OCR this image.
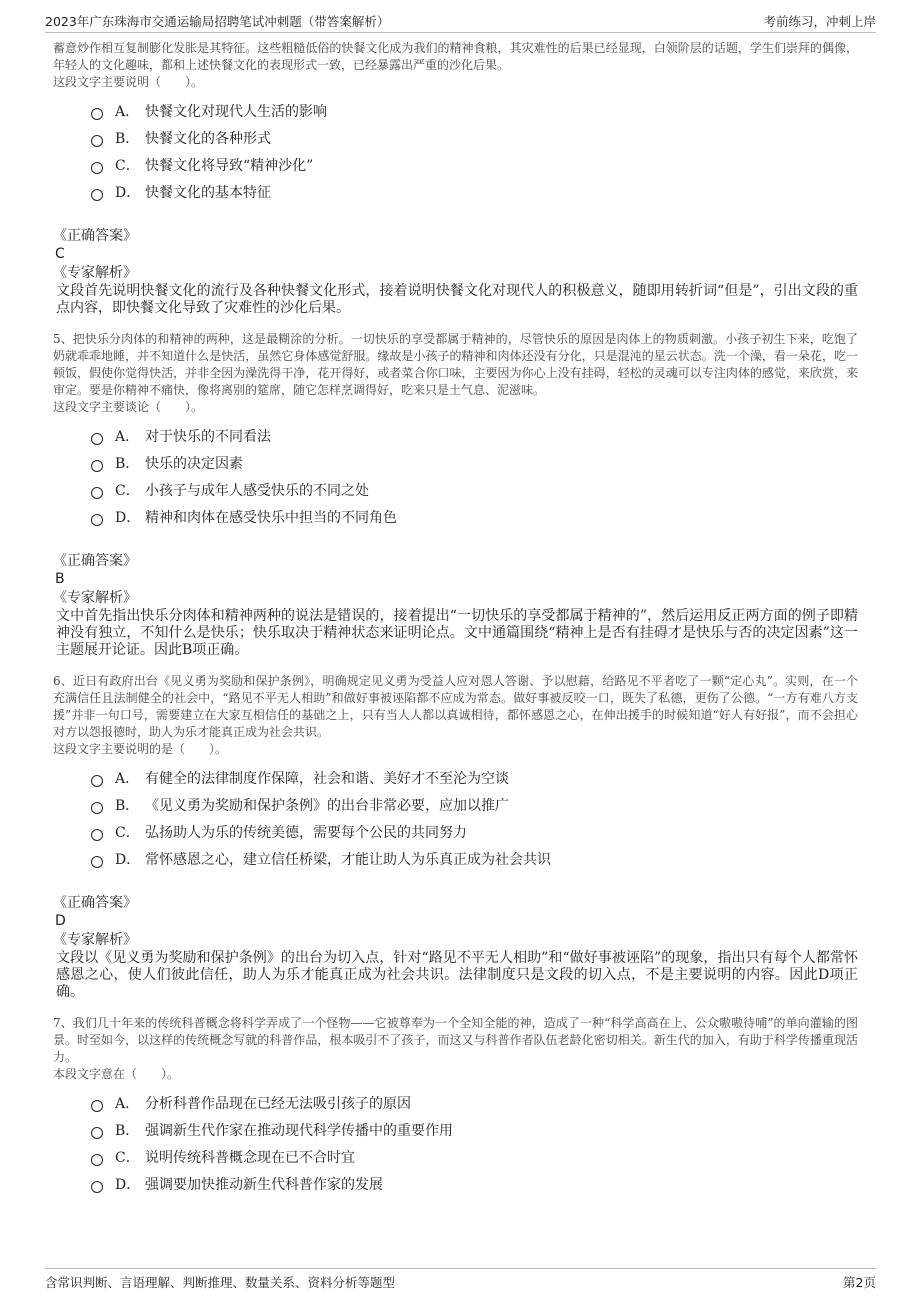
2023年广东珠海市交通运输局招聘笔试冲刺题（带答案解析）	考前练习，冲刺上岸

蓄意炒作相互复制膨化发胀是其特征。这些粗糙低俗的快餐文化成为我们的精神食粮，其灾难性的后果已经显现，白领阶层的话题，学生们崇拜的偶像，年轻人的文化趣味，都和上述快餐文化的表现形式一致，已经暴露出严重的沙化后果。

这段文字主要说明（　　）。

A． 快餐文化对现代人生活的影响
B． 快餐文化的各种形式
C． 快餐文化将导致“精神沙化”
D． 快餐文化的基本特征
《正确答案》
C
《专家解析》
文段首先说明快餐文化的流行及各种快餐文化形式，接着说明快餐文化对现代人的积极意义，随即用转折词“但是”，引出文段的重点内容，即快餐文化导致了灾难性的沙化后果。

5、把快乐分肉体的和精神的两种，这是最糊涂的分析。一切快乐的享受都属于精神的，尽管快乐的原因是肉体上的物质刺激。小孩子初生下来，吃饱了奶就乖乖地睡，并不知道什么是快活，虽然它身体感觉舒服。缘故是小孩子的精神和肉体还没有分化，只是混沌的星云状态。洗一个澡，看一朵花，吃一顿饭，假使你觉得快活，并非全因为澡洗得干净，花开得好，或者菜合你口味，主要因为你心上没有挂碍，轻松的灵魂可以专注肉体的感觉，来欣赏，来审定。要是你精神不痛快，像将离别的筵席，随它怎样烹调得好，吃来只是土气息、泥滋味。

这段文字主要谈论（　　）。

A． 对于快乐的不同看法
B． 快乐的决定因素
C． 小孩子与成年人感受快乐的不同之处
D． 精神和肉体在感受快乐中担当的不同角色
《正确答案》
B
《专家解析》
文中首先指出快乐分肉体和精神两种的说法是错误的，接着提出“一切快乐的享受都属于精神的”，然后运用反正两方面的例子即精神没有独立，不知什么是快乐；快乐取决于精神状态来证明论点。文中通篇围绕“精神上是否有挂碍才是快乐与否的决定因素”这一主题展开论证。因此B项正确。

6、近日有政府出台《见义勇为奖励和保护条例》，明确规定见义勇为受益人应对恩人答谢、予以慰藉，给路见不平者吃了一颗“定心丸”。实则，在一个充满信任且法制健全的社会中，“路见不平无人相助”和做好事被诬陷都不应成为常态。做好事被反咬一口，既失了私德，更伤了公德。“一方有难八方支援”并非一句口号，需要建立在大家互相信任的基础之上，只有当人人都以真诚相待，都怀感恩之心，在伸出援手的时候知道“好人有好报”，而不会担心对方以怨报德时，助人为乐才能真正成为社会共识。

这段文字主要说明的是（　　）。

A． 有健全的法律制度作保障，社会和谐、美好才不至沦为空谈
B． 《见义勇为奖励和保护条例》的出台非常必要，应加以推广
C． 弘扬助人为乐的传统美德，需要每个公民的共同努力
D． 常怀感恩之心，建立信任桥梁，才能让助人为乐真正成为社会共识
《正确答案》
D
《专家解析》
文段以《见义勇为奖励和保护条例》的出台为切入点，针对“路见不平无人相助”和“做好事被诬陷”的现象，指出只有每个人都常怀感恩之心，使人们彼此信任，助人为乐才能真正成为社会共识。法律制度只是文段的切入点，不是主要说明的内容。因此D项正确。

7、我们几十年来的传统科普概念将科学弄成了一个怪物——它被尊奉为一个全知全能的神，造成了一种“科学高高在上、公众嗷嗷待哺”的单向灌输的图景。时至如今，以这样的传统概念写就的科普作品，根本吸引不了孩子，而这又与科普作者队伍老龄化密切相关。新生代的加入，有助于科学传播重现活力。

本段文字意在（　　）。

A． 分析科普作品现在已经无法吸引孩子的原因
B． 强调新生代作家在推动现代科学传播中的重要作用
C． 说明传统科普概念现在已不合时宜
D． 强调要加快推动新生代科普作家的发展
含常识判断、言语理解、判断推理、数量关系、资料分析等题型	第2页
